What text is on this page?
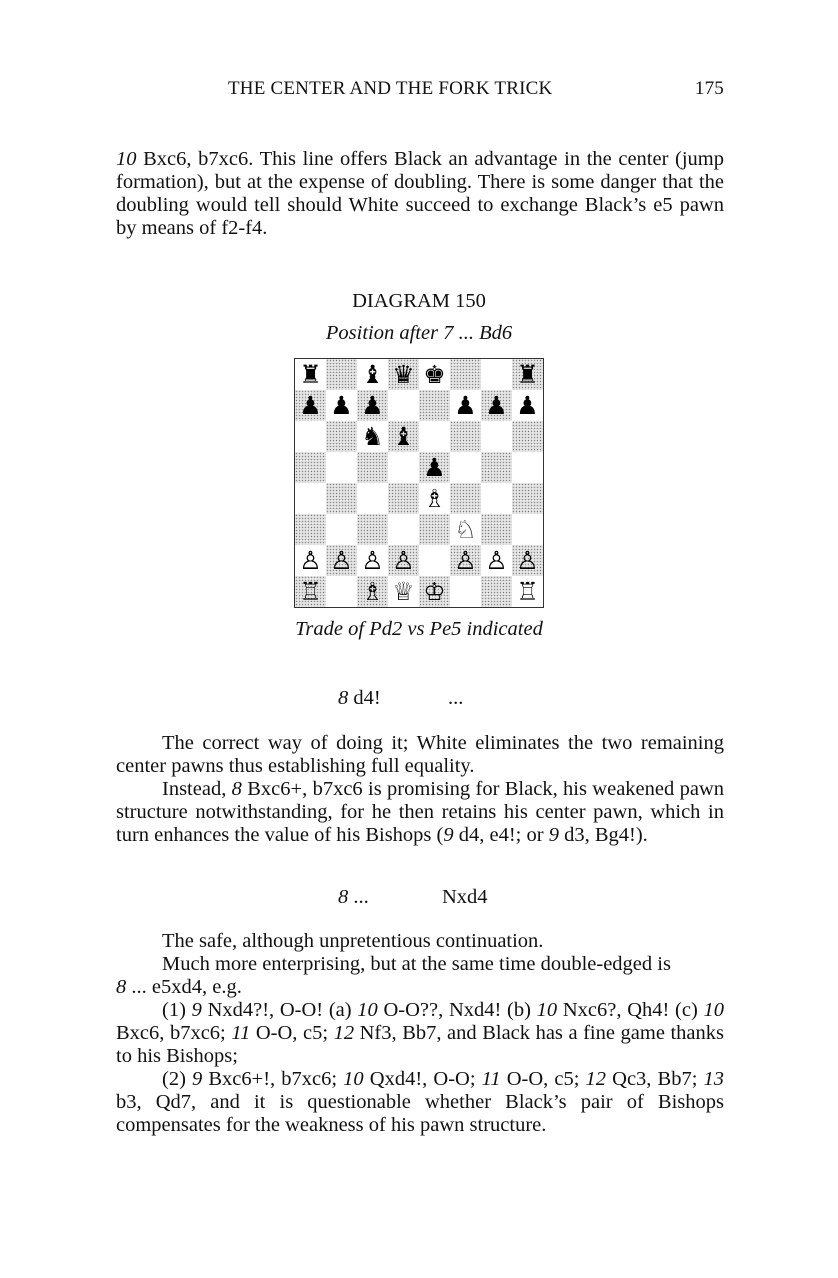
THE CENTER AND THE FORK TRICK	175
10 Bxc6, b7xc6. This line offers Black an advantage in the center (jump formation), but at the expense of doubling. There is some danger that the doubling would tell should White succeed to exchange Black’s e5 pawn by means of f2-f4.
DIAGRAM 150
Position after 7 ... Bd6
♜ ♝ ♛ ♚	♜
♟ ♟ ♟	♟ ♟ ♟
♞ ♝
♟
♗
♘
♙ ♙ ♙ ♙ ♙ ♙ ♙
♖ ♗ ♕ ♔	♖
Trade of Pd2 vs Pe5 indicated
8 d4!	...
The correct way of doing it; White eliminates the two remaining center pawns thus establishing full equality.
Instead, 8 Bxc6+, b7xc6 is promising for Black, his weakened pawn structure notwithstanding, for he then retains his center pawn, which in turn enhances the value of his Bishops (9 d4, e4!; or 9 d3, Bg4!).
8 ...	Nxd4
The safe, although unpretentious continuation.
Much more enterprising, but at the same time double-edged is
8 ... e5xd4, e.g.
(1) 9 Nxd4?!, O-O! (a) 10 O-O??, Nxd4! (b) 10 Nxc6?, Qh4! (c) 10 Bxc6, b7xc6; 11 O-O, c5; 12 Nf3, Bb7, and Black has a fine game thanks to his Bishops;
(2) 9 Bxc6+!, b7xc6; 10 Qxd4!, O-O; 11 O-O, c5; 12 Qc3, Bb7; 13 b3, Qd7, and it is questionable whether Black’s pair of Bishops compensates for the weakness of his pawn structure.
